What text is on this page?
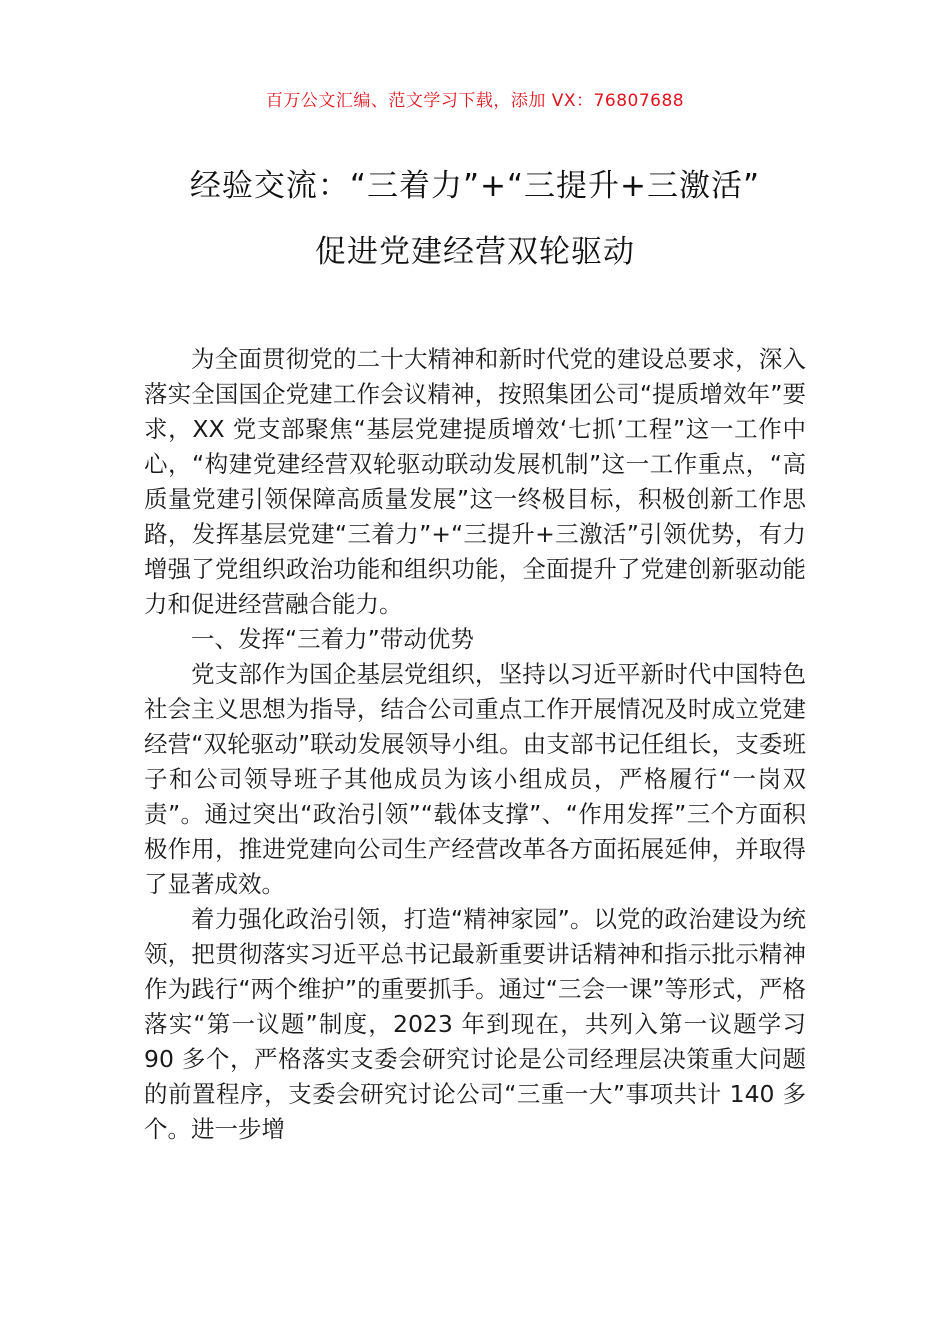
百万公文汇编、范文学习下载，添加 VX：76807688
经验交流：“三着力”+“三提升+三激活”
促进党建经营双轮驱动

为全面贯彻党的二十大精神和新时代党的建设总要求，深入落实全国国企党建工作会议精神，按照集团公司“提质增效年”要求，XX 党支部聚焦“基层党建提质增效‘七抓’工程”这一工作中心，“构建党建经营双轮驱动联动发展机制”这一工作重点，“高质量党建引领保障高质量发展”这一终极目标，积极创新工作思路，发挥基层党建“三着力”+“三提升+三激活”引领优势，有力增强了党组织政治功能和组织功能，全面提升了党建创新驱动能力和促进经营融合能力。

一、发挥“三着力”带动优势

党支部作为国企基层党组织，坚持以习近平新时代中国特色社会主义思想为指导，结合公司重点工作开展情况及时成立党建经营“双轮驱动”联动发展领导小组。由支部书记任组长，支委班子和公司领导班子其他成员为该小组成员，严格履行“一岗双责”。通过突出“政治引领”“载体支撑”、“作用发挥”三个方面积极作用，推进党建向公司生产经营改革各方面拓展延伸，并取得了显著成效。

着力强化政治引领，打造“精神家园”。以党的政治建设为统领，把贯彻落实习近平总书记最新重要讲话精神和指示批示精神作为践行“两个维护”的重要抓手。通过“三会一课”等形式，严格落实“第一议题”制度，2023 年到现在，共列入第一议题学习 90 多个，严格落实支委会研究讨论是公司经理层决策重大问题的前置程序，支委会研究讨论公司“三重一大”事项共计 140 多个。进一步增
